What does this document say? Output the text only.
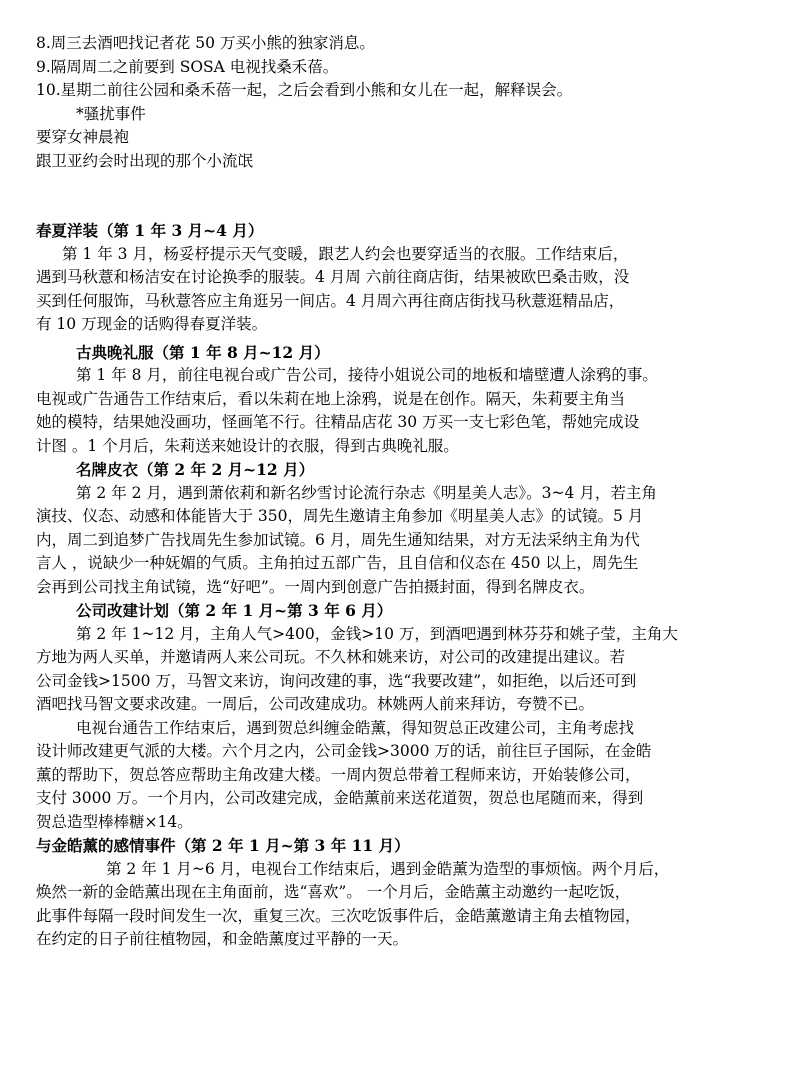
8.周三去酒吧找记者花 50 万买小熊的独家消息。

9.隔周周二之前要到 SOSA 电视找桑禾蓓。

10.星期二前往公园和桑禾蓓一起，之后会看到小熊和女儿在一起，解释误会。

*骚扰事件

要穿女神晨袍

跟卫亚约会时出现的那个小流氓

春夏洋装（第 1 年 3 月~4 月）

第 1 年 3 月，杨妥杼提示天气变暖，跟艺人约会也要穿适当的衣服。工作结束后，
遇到马秋薏和杨洁安在讨论换季的服装。4 月周 六前往商店街，结果被欧巴桑击败，没
买到任何服饰，马秋薏答应主角逛另一间店。4 月周六再往商店街找马秋薏逛精品店，
有 10 万现金的话购得春夏洋装。

古典晚礼服（第 1 年 8 月~12 月）

第 1 年 8 月，前往电视台或广告公司，接待小姐说公司的地板和墙壁遭人涂鸦的事。
电视或广告通告工作结束后，看以朱莉在地上涂鸦，说是在创作。隔天，朱莉要主角当
她的模特，结果她没画功，怪画笔不行。往精品店花 30 万买一支七彩色笔，帮她完成设
计图 。1 个月后，朱莉送来她设计的衣服，得到古典晚礼服。

名牌皮衣（第 2 年 2 月~12 月）

第 2 年 2 月，遇到萧依莉和新名纱雪讨论流行杂志《明星美人志》。3~4 月，若主角
演技、仪态、动感和体能皆大于 350，周先生邀请主角参加《明星美人志》的试镜。5 月
内，周二到追梦广告找周先生参加试镜。6 月，周先生通知结果，对方无法采纳主角为代
言人 ，说缺少一种妩媚的气质。主角拍过五部广告，且自信和仪态在 450 以上，周先生
会再到公司找主角试镜，选“好吧”。一周内到创意广告拍摄封面，得到名牌皮衣。

公司改建计划（第 2 年 1 月~第 3 年 6 月）

第 2 年 1~12 月，主角人气>400，金钱>10 万，到酒吧遇到林芬芬和姚子莹，主角大
方地为两人买单，并邀请两人来公司玩。不久林和姚来访，对公司的改建提出建议。若
公司金钱>1500 万，马智文来访，询问改建的事，选“我要改建”，如拒绝，以后还可到
酒吧找马智文要求改建。一周后，公司改建成功。林姚两人前来拜访，夸赞不已。
电视台通告工作结束后，遇到贺总纠缠金皓薰，得知贺总正改建公司，主角考虑找
设计师改建更气派的大楼。六个月之内，公司金钱>3000 万的话，前往巨子国际，在金皓
薰的帮助下，贺总答应帮助主角改建大楼。一周内贺总带着工程师来访，开始装修公司，
支付 3000 万。一个月内，公司改建完成，金皓薰前来送花道贺，贺总也尾随而来，得到
贺总造型棒棒糖×14。

与金皓薰的感情事件（第 2 年 1 月~第 3 年 11 月）

第 2 年 1 月~6 月，电视台工作结束后，遇到金皓薰为造型的事烦恼。两个月后，
焕然一新的金皓薰出现在主角面前，选“喜欢”。 一个月后，金皓薰主动邀约一起吃饭，
此事件每隔一段时间发生一次，重复三次。三次吃饭事件后，金皓薰邀请主角去植物园，
在约定的日子前往植物园，和金皓薰度过平静的一天。
